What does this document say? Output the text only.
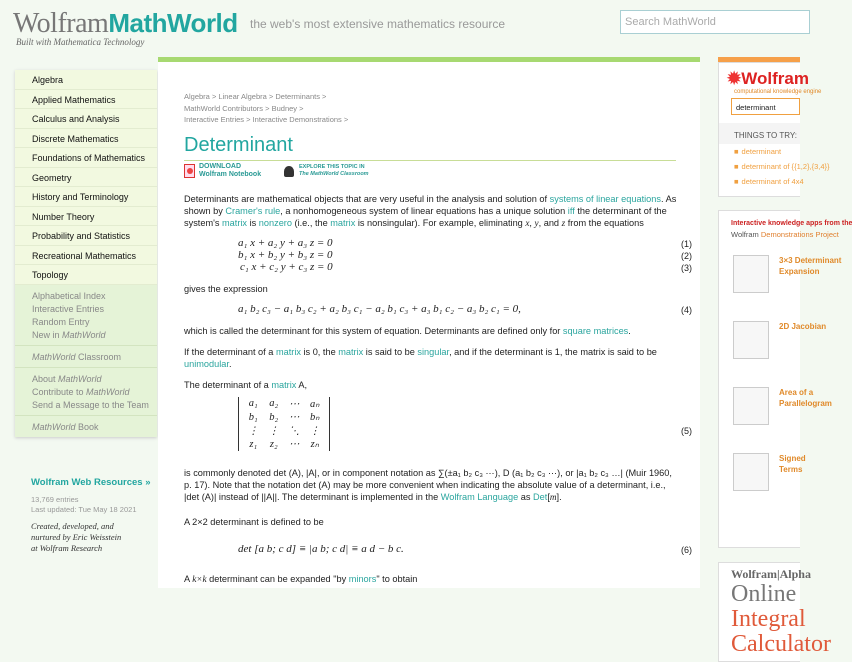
WolframMathWorld
Built with Mathematica Technology
the web's most extensive mathematics resource	Search MathWorld
Algebra
Applied Mathematics
Calculus and Analysis
Discrete Mathematics
Foundations of Mathematics
Geometry
History and Terminology
Number Theory
Probability and Statistics
Recreational Mathematics
Topology
Alphabetical Index
Interactive Entries
Random Entry
New in MathWorld
MathWorld Classroom
About MathWorld
Contribute to MathWorld
Send a Message to the Team
MathWorld Book
Wolfram Web Resources »
13,769 entries
Last updated: Tue May 18 2021
Created, developed, and
nurtured by Eric Weisstein
at Wolfram Research
Algebra > Linear Algebra > Determinants >
MathWorld Contributors > Budney >
Interactive Entries > Interactive Demonstrations >
Determinant
DOWNLOAD
Wolfram Notebook
EXPLORE THIS TOPIC IN
The MathWorld Classroom
Determinants are mathematical objects that are very useful in the analysis and solution of systems of linear equations. As shown by Cramer's rule, a nonhomogeneous system of linear equations has a unique solution iff the determinant of the system's matrix is nonzero (i.e., the matrix is nonsingular). For example, eliminating x, y, and z from the equations
a₁ x + a₂ y + a₃ z = 0
b₁ x + b₂ y + b₃ z = 0
c₁ x + c₂ y + c₃ z = 0
(1)
(2)
(3)
gives the expression
a₁ b₂ c₃ − a₁ b₃ c₂ + a₂ b₃ c₁ − a₂ b₁ c₃ + a₃ b₁ c₂ − a₃ b₂ c₁ = 0,	(4)
which is called the determinant for this system of equation. Determinants are defined only for square matrices.
If the determinant of a matrix is 0, the matrix is said to be singular, and if the determinant is 1, the matrix is said to be unimodular.
The determinant of a matrix A,
a₁	a₂	⋯	aₙ
b₁	b₂	⋯	bₙ
⋮	⋮	⋱	⋮
z₁	z₂	⋯	zₙ
(5)
is commonly denoted det (A), |A|, or in component notation as ∑(±a₁ b₂ c₃ ⋯), D (a₁ b₂ c₃ ⋯), or |a₁ b₂ c₃ …| (Muir 1960, p. 17). Note that the notation det (A) may be more convenient when indicating the absolute value of a determinant, i.e., |det (A)| instead of ||A||. The determinant is implemented in the Wolfram Language as Det[m].
A 2×2 determinant is defined to be
det [a b; c d] ≡ |a b; c d| ≡ a d − b c.	(6)
A k×k determinant can be expanded "by minors" to obtain
✹Wolfram
computational knowledge engine
determinant
THINGS TO TRY:
■ determinant
■ determinant of {{1,2},{3,4}}
■ determinant of 4x4
Interactive knowledge apps from the
Wolfram Demonstrations Project
3×3 Determinant
Expansion
2D Jacobian
Area of a
Parallelogram
Signed
Terms
Wolfram|Alpha
Online
Integral
Calculator
